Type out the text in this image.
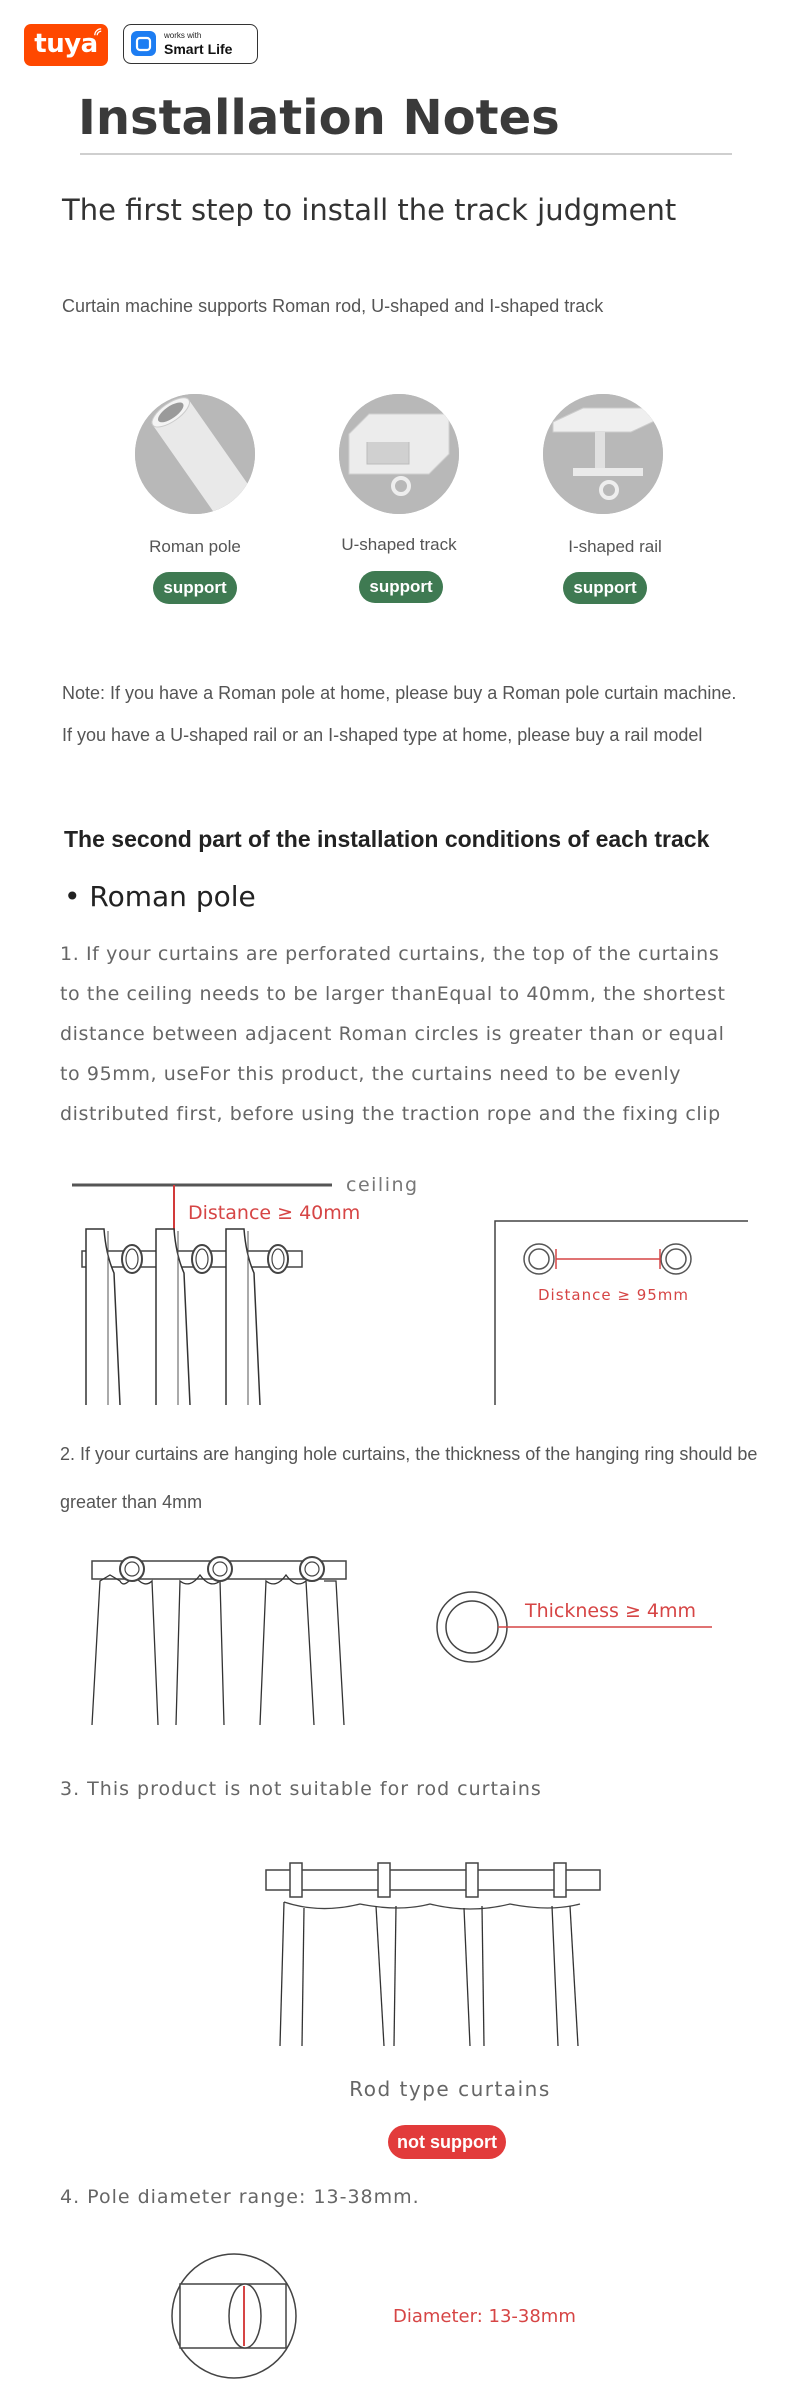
tuya	works with
Smart Life
Installation Notes
The first step to install the track judgment
Curtain machine supports Roman rod, U-shaped and I-shaped track
Roman pole	U-shaped track	I-shaped rail
support	support	support
Note: If you have a Roman pole at home, please buy a Roman pole curtain machine. If you have a U-shaped rail or an I-shaped type at home, please buy a rail model
The second part of the installation conditions of each track
• Roman pole
1. If your curtains are perforated curtains, the top of the curtains to the ceiling needs to be larger thanEqual to 40mm, the shortest distance between adjacent Roman circles is greater than or equal to 95mm, useFor this product, the curtains need to be evenly distributed first, before using the traction rope and the fixing clip
ceiling
Distance ≥ 40mm
Distance ≥ 95mm
2. If your curtains are hanging hole curtains, the thickness of the hanging ring should be greater than 4mm
Thickness ≥ 4mm
3. This product is not suitable for rod curtains
Rod type curtains
not support
4. Pole diameter range: 13-38mm.
Diameter: 13-38mm
